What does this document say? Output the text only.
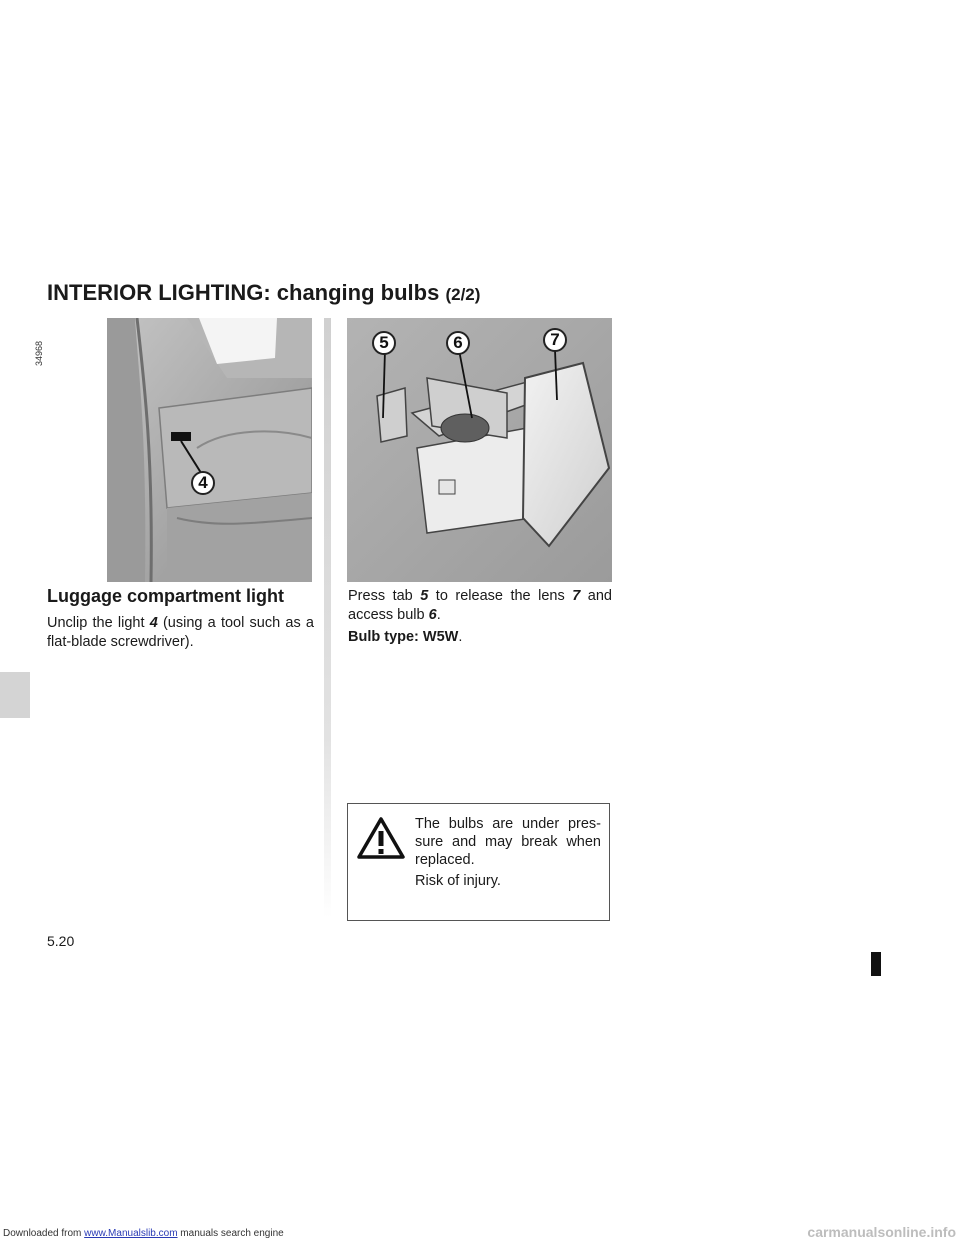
INTERIOR LIGHTING: changing bulbs (2/2)
34968
4
5	6	7
Luggage compartment light
Unclip the light 4 (using a tool such as a flat-blade screwdriver).
Press tab 5 to release the lens 7 and access bulb 6.
Bulb type: W5W.
The bulbs are under pres-sure and may break when replaced.
Risk of injury.
5.20
Downloaded from www.Manualslib.com manuals search engine	carmanualsonline.info
